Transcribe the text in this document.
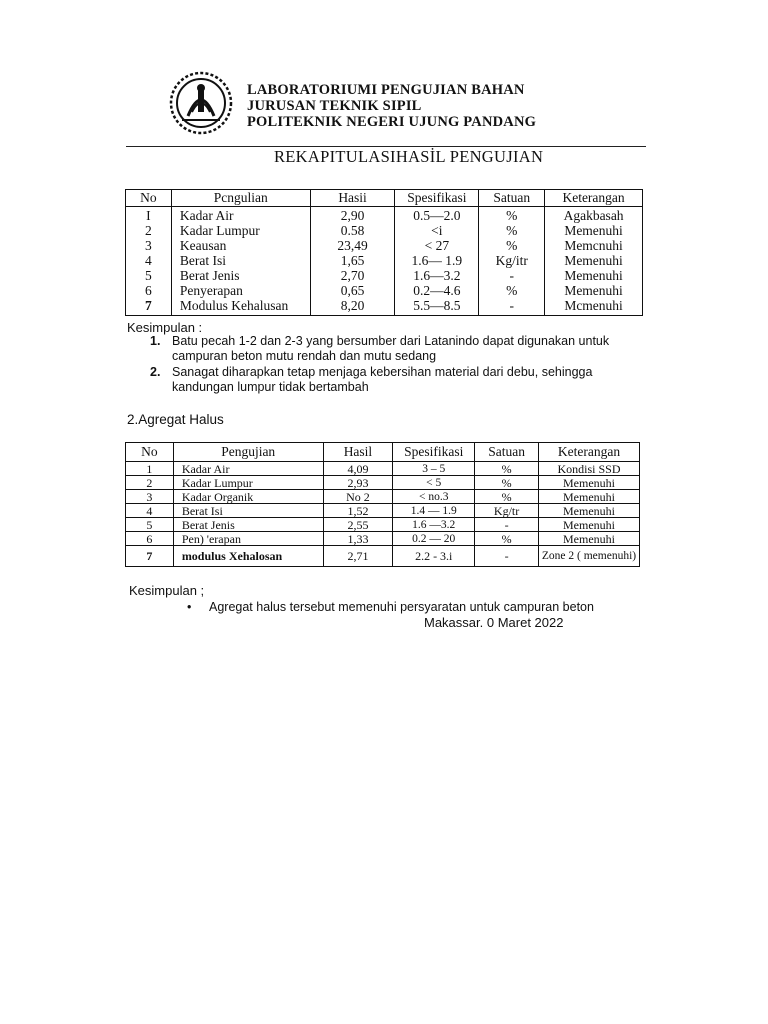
LABORATORIUMI PENGUJIAN BAHAN
JURUSAN TEKNIK SIPIL
POLITEKNIK NEGERI UJUNG PANDANG
REKAPITULASIHASİL PENGUJIAN
No	Pcngulian	Hasii	Spesifikasi	Satuan	Keterangan
I	Kadar Air	2,90	0.5—2.0	%	Agakbasah
2	Kadar Lumpur	0.58	<i	%	Memenuhi
3	Keausan	23,49	< 27	%	Memcnuhi
4	Berat Isi	1,65	1.6— 1.9	Kg/itr	Memenuhi
5	Berat Jenis	2,70	1.6—3.2	-	Memenuhi
6	Penyerapan	0,65	0.2—4.6	%	Memenuhi
7	Modulus Kehalusan	8,20	5.5—8.5	-	Mcmenuhi
Kesimpulan :
1. Batu pecah 1-2 dan 2-3 yang bersumber dari Latanindo dapat digunakan untuk
campuran beton mutu rendah dan mutu sedang
2. Sanagat diharapkan tetap menjaga kebersihan material dari debu, sehingga
kandungan lumpur tidak bertambah
2.Agregat Halus
No	Pengujian	Hasil	Spesifikasi	Satuan	Keterangan
1	Kadar Air	4,09	3 – 5	%	Kondisi SSD
2	Kadar Lumpur	2,93	< 5	%	Memenuhi
3	Kadar Organik	No 2	< no.3	%	Memenuhi
4	Berat Isi	1,52	1.4 — 1.9	Kg/tr	Memenuhi
5	Berat Jenis	2,55	1.6 —3.2	-	Memenuhi
6	Pen) 'erapan	1,33	0.2 — 20	%	Memenuhi
7	modulus Xehalosan	2,71	2.2 - 3.i	-	Zone 2 ( memenuhi)
Kesimpulan ;
• Agregat halus tersebut memenuhi persyaratan untuk campuran beton
Makassar. 0 Maret 2022
